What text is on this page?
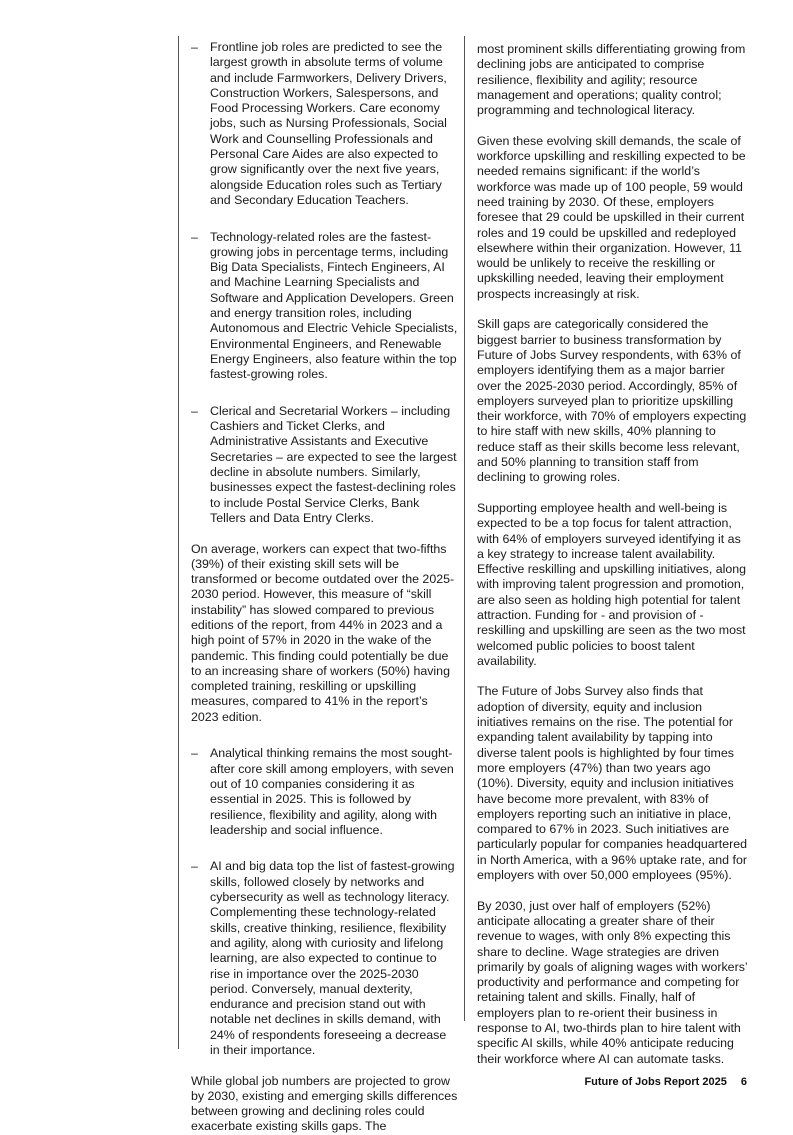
– Frontline job roles are predicted to see the largest growth in absolute terms of volume and include Farmworkers, Delivery Drivers, Construction Workers, Salespersons, and Food Processing Workers. Care economy jobs, such as Nursing Professionals, Social Work and Counselling Professionals and Personal Care Aides are also expected to grow significantly over the next five years, alongside Education roles such as Tertiary and Secondary Education Teachers.
– Technology-related roles are the fastest-growing jobs in percentage terms, including Big Data Specialists, Fintech Engineers, AI and Machine Learning Specialists and Software and Application Developers. Green and energy transition roles, including Autonomous and Electric Vehicle Specialists, Environmental Engineers, and Renewable Energy Engineers, also feature within the top fastest-growing roles.
– Clerical and Secretarial Workers – including Cashiers and Ticket Clerks, and Administrative Assistants and Executive Secretaries – are expected to see the largest decline in absolute numbers. Similarly, businesses expect the fastest-declining roles to include Postal Service Clerks, Bank Tellers and Data Entry Clerks.

On average, workers can expect that two-fifths (39%) of their existing skill sets will be transformed or become outdated over the 2025-2030 period. However, this measure of “skill instability” has slowed compared to previous editions of the report, from 44% in 2023 and a high point of 57% in 2020 in the wake of the pandemic. This finding could potentially be due to an increasing share of workers (50%) having completed training, reskilling or upskilling measures, compared to 41% in the report’s 2023 edition.

– Analytical thinking remains the most sought-after core skill among employers, with seven out of 10 companies considering it as essential in 2025. This is followed by resilience, flexibility and agility, along with leadership and social influence.
– AI and big data top the list of fastest-growing skills, followed closely by networks and cybersecurity as well as technology literacy. Complementing these technology-related skills, creative thinking, resilience, flexibility and agility, along with curiosity and lifelong learning, are also expected to continue to rise in importance over the 2025-2030 period. Conversely, manual dexterity, endurance and precision stand out with notable net declines in skills demand, with 24% of respondents foreseeing a decrease in their importance.

While global job numbers are projected to grow by 2030, existing and emerging skills differences between growing and declining roles could exacerbate existing skills gaps. The

most prominent skills differentiating growing from declining jobs are anticipated to comprise resilience, flexibility and agility; resource management and operations; quality control; programming and technological literacy.

Given these evolving skill demands, the scale of workforce upskilling and reskilling expected to be needed remains significant: if the world’s workforce was made up of 100 people, 59 would need training by 2030. Of these, employers foresee that 29 could be upskilled in their current roles and 19 could be upskilled and redeployed elsewhere within their organization. However, 11 would be unlikely to receive the reskilling or upkskilling needed, leaving their employment prospects increasingly at risk.

Skill gaps are categorically considered the biggest barrier to business transformation by Future of Jobs Survey respondents, with 63% of employers identifying them as a major barrier over the 2025-2030 period. Accordingly, 85% of employers surveyed plan to prioritize upskilling their workforce, with 70% of employers expecting to hire staff with new skills, 40% planning to reduce staff as their skills become less relevant, and 50% planning to transition staff from declining to growing roles.

Supporting employee health and well-being is expected to be a top focus for talent attraction, with 64% of employers surveyed identifying it as a key strategy to increase talent availability. Effective reskilling and upskilling initiatives, along with improving talent progression and promotion, are also seen as holding high potential for talent attraction. Funding for - and provision of - reskilling and upskilling are seen as the two most welcomed public policies to boost talent availability.

The Future of Jobs Survey also finds that adoption of diversity, equity and inclusion initiatives remains on the rise. The potential for expanding talent availability by tapping into diverse talent pools is highlighted by four times more employers (47%) than two years ago (10%). Diversity, equity and inclusion initiatives have become more prevalent, with 83% of employers reporting such an initiative in place, compared to 67% in 2023. Such initiatives are particularly popular for companies headquartered in North America, with a 96% uptake rate, and for employers with over 50,000 employees (95%).

By 2030, just over half of employers (52%) anticipate allocating a greater share of their revenue to wages, with only 8% expecting this share to decline. Wage strategies are driven primarily by goals of aligning wages with workers’ productivity and performance and competing for retaining talent and skills. Finally, half of employers plan to re-orient their business in response to AI, two-thirds plan to hire talent with specific AI skills, while 40% anticipate reducing their workforce where AI can automate tasks.

Future of Jobs Report 2025 6
